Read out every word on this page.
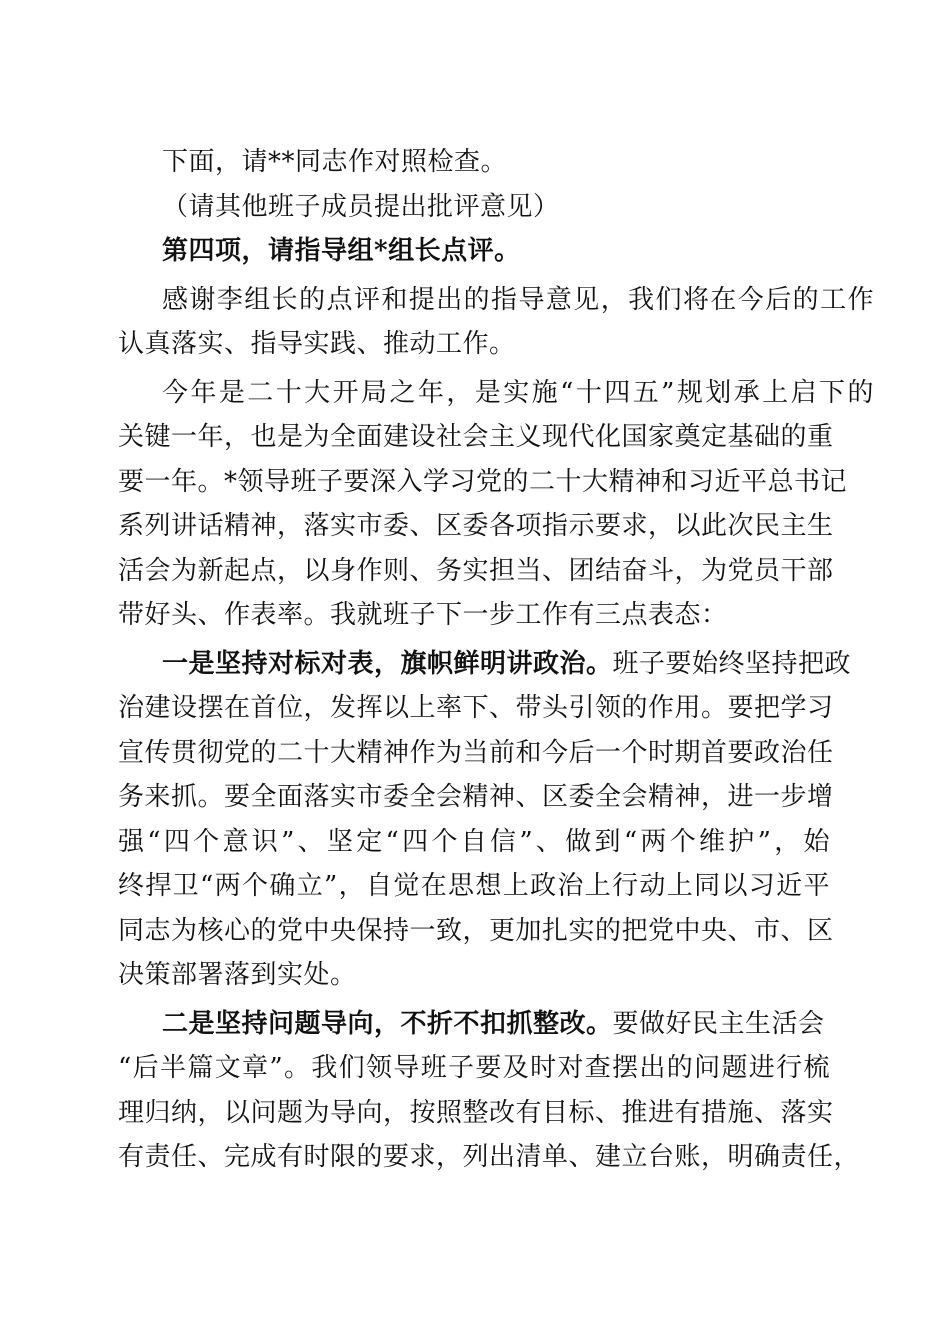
下面，请**同志作对照检查。
（请其他班子成员提出批评意见）
第四项，请指导组*组长点评。
感谢李组长的点评和提出的指导意见，我们将在今后的工作
认真落实、指导实践、推动工作。
今年是二十大开局之年，是实施“十四五”规划承上启下的
关键一年，也是为全面建设社会主义现代化国家奠定基础的重
要一年。*领导班子要深入学习党的二十大精神和习近平总书记
系列讲话精神，落实市委、区委各项指示要求，以此次民主生
活会为新起点，以身作则、务实担当、团结奋斗，为党员干部
带好头、作表率。我就班子下一步工作有三点表态：
一是坚持对标对表，旗帜鲜明讲政治。班子要始终坚持把政
治建设摆在首位，发挥以上率下、带头引领的作用。要把学习
宣传贯彻党的二十大精神作为当前和今后一个时期首要政治任
务来抓。要全面落实市委全会精神、区委全会精神，进一步增
强“四个意识”、坚定“四个自信”、做到“两个维护”，始
终捍卫“两个确立”，自觉在思想上政治上行动上同以习近平
同志为核心的党中央保持一致，更加扎实的把党中央、市、区
决策部署落到实处。
二是坚持问题导向，不折不扣抓整改。要做好民主生活会
“后半篇文章”。我们领导班子要及时对查摆出的问题进行梳
理归纳，以问题为导向，按照整改有目标、推进有措施、落实
有责任、完成有时限的要求，列出清单、建立台账，明确责任，
